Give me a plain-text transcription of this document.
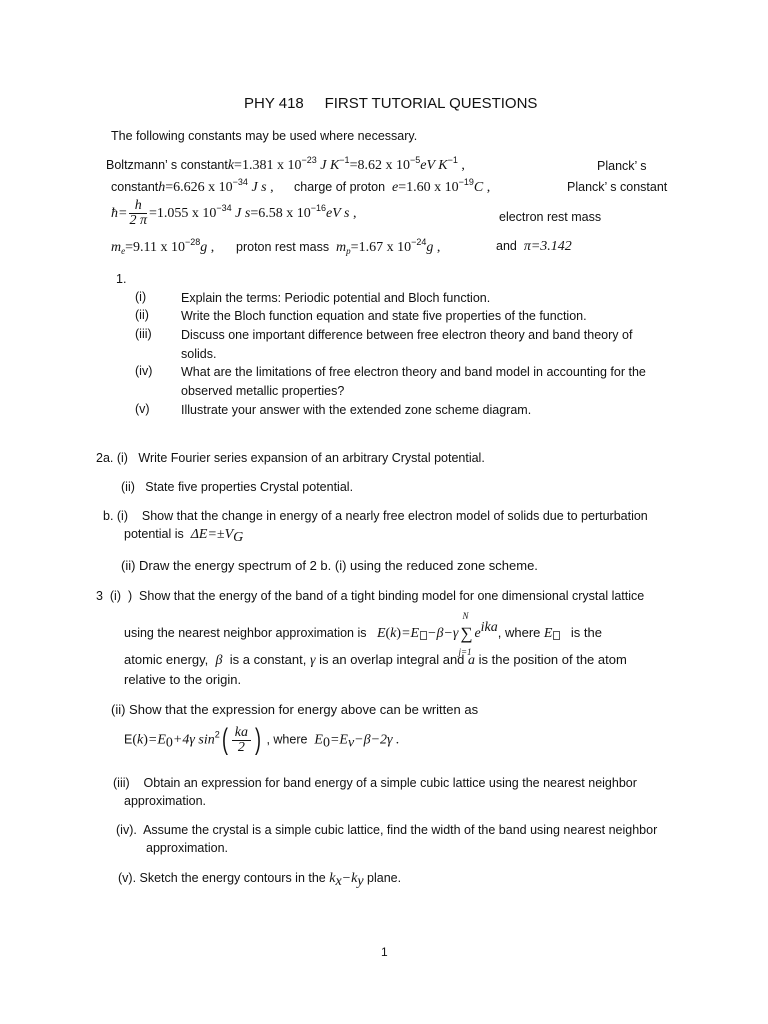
PHY 418     FIRST TUTORIAL QUESTIONS
The following constants may be used where necessary.
Boltzmann’ s constantk=1.381 x $10^{-23}$ J $K^{-1}=8.62$ x $10^{-5}eV$ $K^{-1}$ ,	Planck’ s
constanth=6.626 x $10^{-34}$ J s , charge of proton e=1.60 x $10^{-19}C$ ,	Planck’ s constant
ħ= $\frac{h}{2 \pi} =1.055$ x $10^{-34}$ J s=6.58 x $10^{-16}eV$ s ,	electron rest mass
$m_e=9.11$ x $10^{-28}g$ , proton rest mass $m_p=1.67$ x $10^{-24}g$ ,	and π=3.142
1.
(i)	Explain the terms: Periodic potential and Bloch function.
(ii)	Write the Bloch function equation and state five properties of the function.
(iii) Discuss one important difference between free electron theory and band theory of solids.
(iv) What are the limitations of free electron theory and band model in accounting for the observed metallic properties?
(v)	Illustrate your answer with the extended zone scheme diagram.
2a. (i)   Write Fourier series expansion of an arbitrary Crystal potential.
(ii)   State five properties Crystal potential.
b. (i)    Show that the change in energy of a nearly free electron model of solids due to perturbation
potential is $\Delta E=\pm V_G$
(ii) Draw the energy spectrum of 2 b. (i) using the reduced zone scheme.
3  (i)  )  Show that the energy of the band of a tight binding model for one dimensional crystal lattice
using the nearest neighbor approximation is E(k)=E −β−γ
N
∑
j=1
$e^{ika}$, where E is the
atomic energy, β is a constant, γ is an overlap integral and a is the position of the atom
relative to the origin.
(ii) Show that the expression for energy above can be written as
$E(k)=E_0+4\gamma$ $\sin^2( \frac{ka}{2}$ ) , where $E_0=E_v-\beta-2\gamma$ .
(iii)    Obtain an expression for band energy of a simple cubic lattice using the nearest neighbor
approximation.
(iv).  Assume the crystal is a simple cubic lattice, find the width of the band using nearest neighbor
approximation.
(v). Sketch the energy contours in the $k_x-k_y$ plane.
1
